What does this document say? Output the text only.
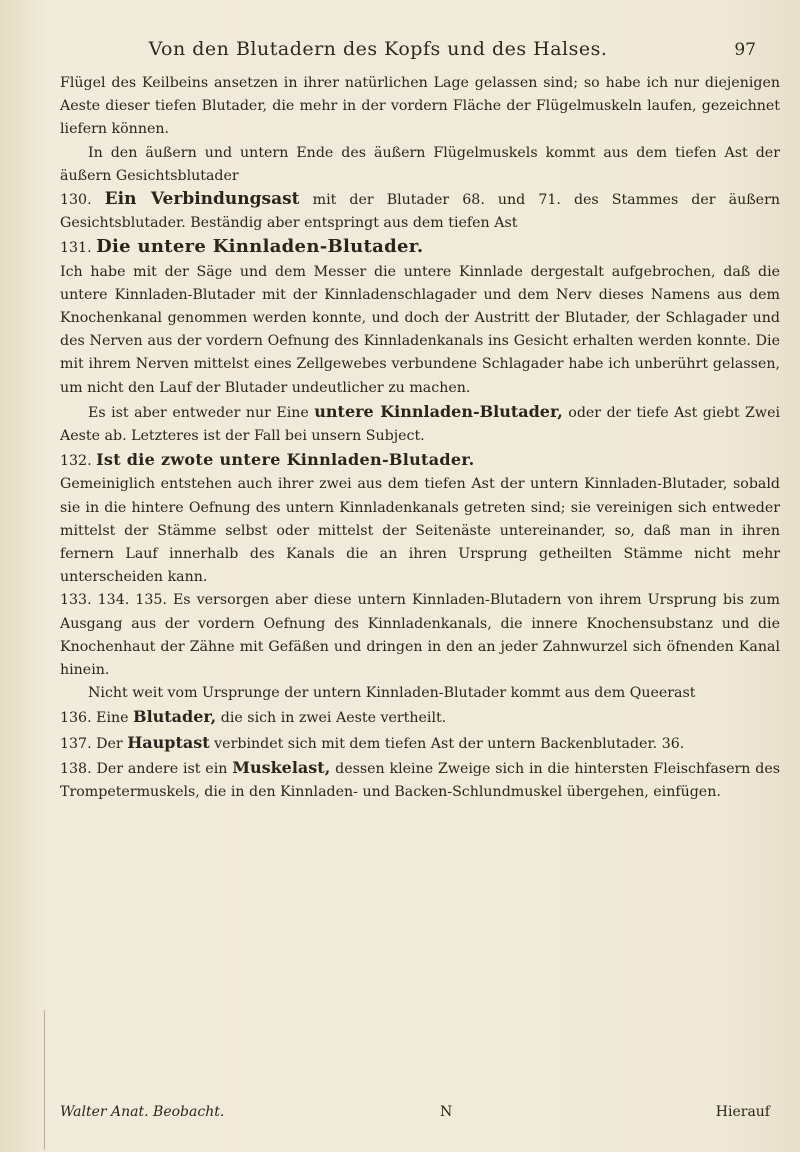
Von den Blutadern des Kopfs und des Halses.	97

Flügel des Keilbeins ansetzen in ihrer natürlichen Lage gelassen sind; so habe ich nur diejenigen Aeste dieser tiefen Blutader, die mehr in der vordern Fläche der Flügelmuskeln laufen, gezeichnet liefern können.

In den äußern und untern Ende des äußern Flügelmuskels kommt aus dem tiefen Ast der äußern Gesichtsblutader

130. Ein Verbindungsast mit der Blutader 68. und 71. des Stammes der äußern Gesichtsblutader. Beständig aber entspringt aus dem tiefen Ast

131. Die untere Kinnladen-Blutader.

Ich habe mit der Säge und dem Messer die untere Kinnlade dergestalt aufgebrochen, daß die untere Kinnladen-Blutader mit der Kinnladenschlagader und dem Nerv dieses Namens aus dem Knochenkanal genommen werden konnte, und doch der Austritt der Blutader, der Schlagader und des Nerven aus der vordern Oefnung des Kinnladenkanals ins Gesicht erhalten werden konnte. Die mit ihrem Nerven mittelst eines Zellgewebes verbundene Schlagader habe ich unberührt gelassen, um nicht den Lauf der Blutader undeutlicher zu machen.

Es ist aber entweder nur Eine untere Kinnladen-Blutader, oder der tiefe Ast giebt Zwei Aeste ab. Letzteres ist der Fall bei unsern Subject.

132. Ist die zwote untere Kinnladen-Blutader.

Gemeiniglich entstehen auch ihrer zwei aus dem tiefen Ast der untern Kinnladen-Blutader, sobald sie in die hintere Oefnung des untern Kinnladenkanals getreten sind; sie vereinigen sich entweder mittelst der Stämme selbst oder mittelst der Seitenäste untereinander, so, daß man in ihren fernern Lauf innerhalb des Kanals die an ihren Ursprung getheilten Stämme nicht mehr unterscheiden kann.

133. 134. 135. Es versorgen aber diese untern Kinnladen-Blutadern von ihrem Ursprung bis zum Ausgang aus der vordern Oefnung des Kinnladenkanals, die innere Knochensubstanz und die Knochenhaut der Zähne mit Gefäßen und dringen in den an jeder Zahnwurzel sich öfnenden Kanal hinein.

Nicht weit vom Ursprunge der untern Kinnladen-Blutader kommt aus dem Queerast

136. Eine Blutader, die sich in zwei Aeste vertheilt.

137. Der Hauptast verbindet sich mit dem tiefen Ast der untern Backenblutader. 36.

138. Der andere ist ein Muskelast, dessen kleine Zweige sich in die hintersten Fleischfasern des Trompetermuskels, die in den Kinnladen- und Backen-Schlundmuskel übergehen, einfügen.

Walter Anat. Beobacht.	N	Hierauf
